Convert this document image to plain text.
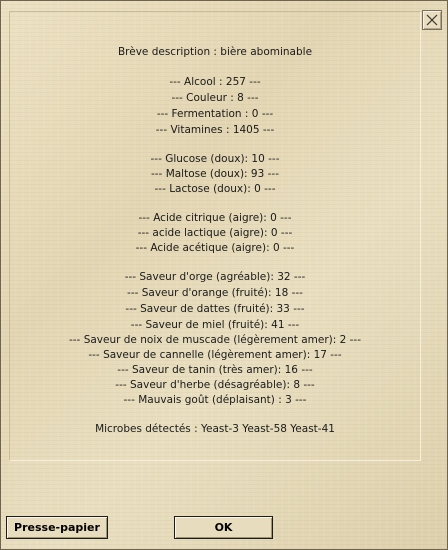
Brève description : bière abominable
--- Alcool : 257 ---
--- Couleur : 8 ---
--- Fermentation : 0 ---
--- Vitamines : 1405 ---
--- Glucose (doux): 10 ---
--- Maltose (doux): 93 ---
--- Lactose (doux): 0 ---
--- Acide citrique (aigre): 0 ---
--- acide lactique (aigre): 0 ---
--- Acide acétique (aigre): 0 ---
--- Saveur d'orge (agréable): 32 ---
--- Saveur d'orange (fruité): 18 ---
--- Saveur de dattes (fruité): 33 ---
--- Saveur de miel (fruité): 41 ---
--- Saveur de noix de muscade (légèrement amer): 2 ---
--- Saveur de cannelle (légèrement amer): 17 ---
--- Saveur de tanin (très amer): 16 ---
--- Saveur d'herbe (désagréable): 8 ---
--- Mauvais goût (déplaisant) : 3 ---
Microbes détectés : Yeast-3 Yeast-58 Yeast-41
Presse-papier	OK
